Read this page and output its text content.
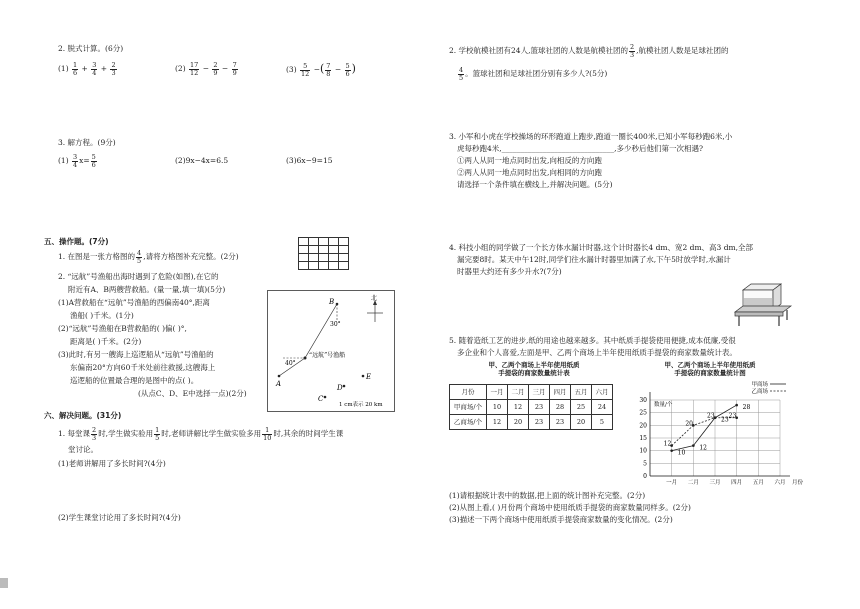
2. 脱式计算。(6分)
$(1) \frac{1}{6} + \frac{3}{4} + \frac{2}{3}$	$(2) \frac{17}{12} - \frac{2}{9} - \frac{7}{9}$	$(3) \frac{5}{12}$ −( $\frac{7}{8} - \frac{5}{6}$ )
3. 解方程。(9分)
$(1) \frac{3}{4} x= \frac{5}{6}$	(2)9x−4x=6.5	(3)6x−9=15
五、操作题。(7分)
1. 在图是一张方格图的 $\frac{4}{5}$ ,请将方格图补充完整。(2分)

2. “远航”号渔船出海时遇到了危险(如图),在它的
附近有A、B两艘营救船。(量一量,填一填)(5分)
(1)A营救船在“远航”号渔船的西偏南40°,距离
渔船( )千米。(1分)
(2)“远航”号渔船在B营救船的( )偏( )°,
距离是( )千米。(2分)
(3)此时,有另一艘海上巡逻船从“远航”号渔船的
东偏南20°方向60千米处前往救援,这艘海上
巡逻船的位置最合理的是图中的点( )。
(从点C、D、E中选择一点)(2分)
北
B
30°
“远航”号渔船
40°
A
E
D
C
1 cm表示 20 km
六、解决问题。(31分)
1. 每堂课 $\frac{2}{3}$ 时,学生做实验用 $\frac{1}{5}$ 时,老师讲解比学生做实验多用 $\frac{1}{10}$ 时,其余的时间学生课
堂讨论。
(1)老师讲解用了多长时间?(4分)
(2)学生课堂讨论用了多长时间?(4分)
2. 学校航模社团有24人,篮球社团的人数是航模社团的 $\frac{2}{3}$ ,航模社团人数是足球社团的
$\frac{4}{5}$ 。篮球社团和足球社团分别有多少人?(5分)
3. 小军和小虎在学校操场的环形跑道上跑步,跑道一圈长400米,已知小军每秒跑6米,小
虎每秒跑4米,______________________________,多少秒后他们第一次相遇?
①两人从同一地点同时出发,向相反的方向跑
②两人从同一地点同时出发,向相同的方向跑
请选择一个条件填在横线上,并解决问题。(5分)
4. 科技小组的同学做了一个长方体水漏计时器,这个计时器长4 dm、宽2 dm、高3 dm,全部
漏完要8时。某天中午12时,同学们往水漏计时器里加满了水,下午5时放学时,水漏计
时器里大约还有多少升水?(7分)
5. 随着造纸工艺的进步,纸的用途也越来越多。其中纸质手提袋使用便捷,成本低廉,受很
多企业和个人喜爱,左面是甲、乙两个商场上半年使用纸质手提袋的商家数量统计表。
甲、乙两个商场上半年使用纸质
手提袋的商家数量统计表
月份	一月	二月	三月	四月	五月	六月
甲商场/个	10	12	23	28	25	24
乙商场/个	12	20	23	23	20	5
甲、乙两个商场上半年使用纸质
手提袋的商家数量统计图
0
5
10
15
20
25
30
一月 二月 三月 四月 五月 六月 月份
数量/个
10
12
23
28
12
20
23 23
甲商场
乙商场
(1)请根据统计表中的数据,把上面的统计图补充完整。(2分)
(2)从图上看,( )月份两个商场中使用纸质手提袋的商家数量同样多。(2分)
(3)描述一下两个商场中使用纸质手提袋商家数量的变化情况。(2分)
